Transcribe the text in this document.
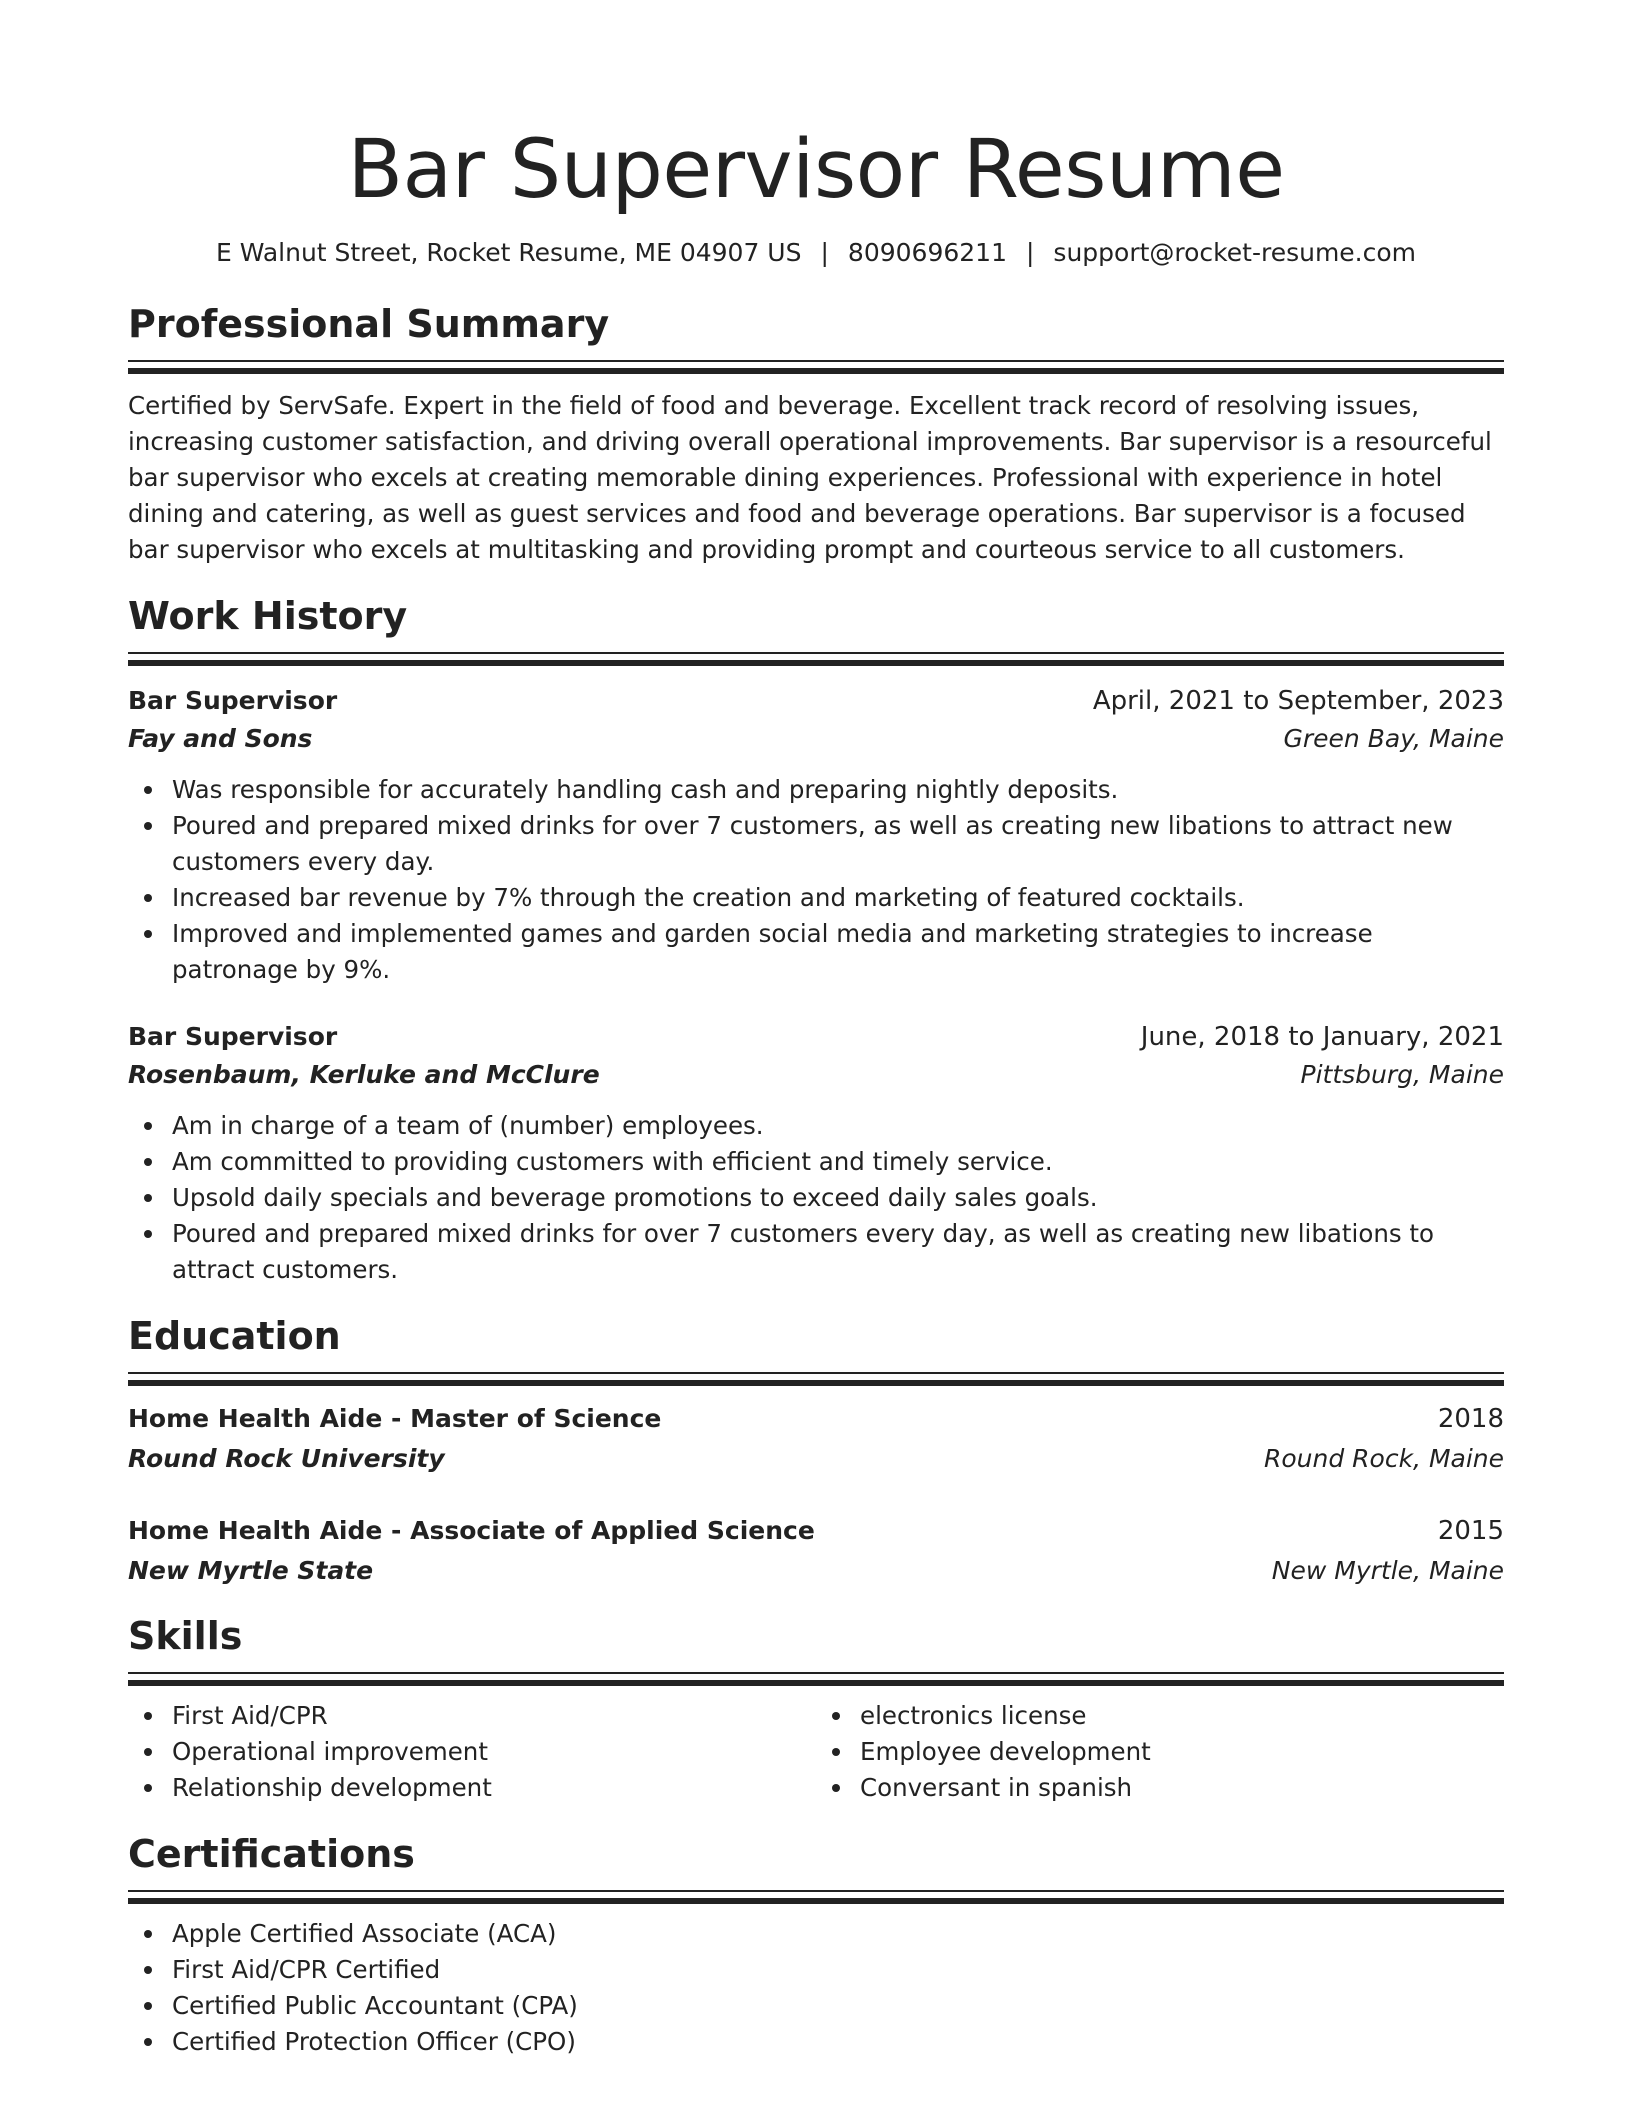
Bar Supervisor Resume
E Walnut Street, Rocket Resume, ME 04907 US | 8090696211 | support@rocket-resume.com
Professional Summary

Certified by ServSafe. Expert in the field of food and beverage. Excellent track record of resolving issues, increasing customer satisfaction, and driving overall operational improvements. Bar supervisor is a resourceful bar supervisor who excels at creating memorable dining experiences. Professional with experience in hotel dining and catering, as well as guest services and food and beverage operations. Bar supervisor is a focused bar supervisor who excels at multitasking and providing prompt and courteous service to all customers.

Work History
Bar Supervisor	April, 2021 to September, 2023
Fay and Sons	Green Bay, Maine
Was responsible for accurately handling cash and preparing nightly deposits.
Poured and prepared mixed drinks for over 7 customers, as well as creating new libations to attract new customers every day.
Increased bar revenue by 7% through the creation and marketing of featured cocktails.
Improved and implemented games and garden social media and marketing strategies to increase patronage by 9%.
Bar Supervisor	June, 2018 to January, 2021
Rosenbaum, Kerluke and McClure	Pittsburg, Maine
Am in charge of a team of (number) employees.
Am committed to providing customers with efficient and timely service.
Upsold daily specials and beverage promotions to exceed daily sales goals.
Poured and prepared mixed drinks for over 7 customers every day, as well as creating new libations to attract customers.
Education
Home Health Aide - Master of Science	2018
Round Rock University	Round Rock, Maine
Home Health Aide - Associate of Applied Science	2015
New Myrtle State	New Myrtle, Maine
Skills
First Aid/CPR
Operational improvement
Relationship development
electronics license
Employee development
Conversant in spanish
Certifications
Apple Certified Associate (ACA)
First Aid/CPR Certified
Certified Public Accountant (CPA)
Certified Protection Officer (CPO)
